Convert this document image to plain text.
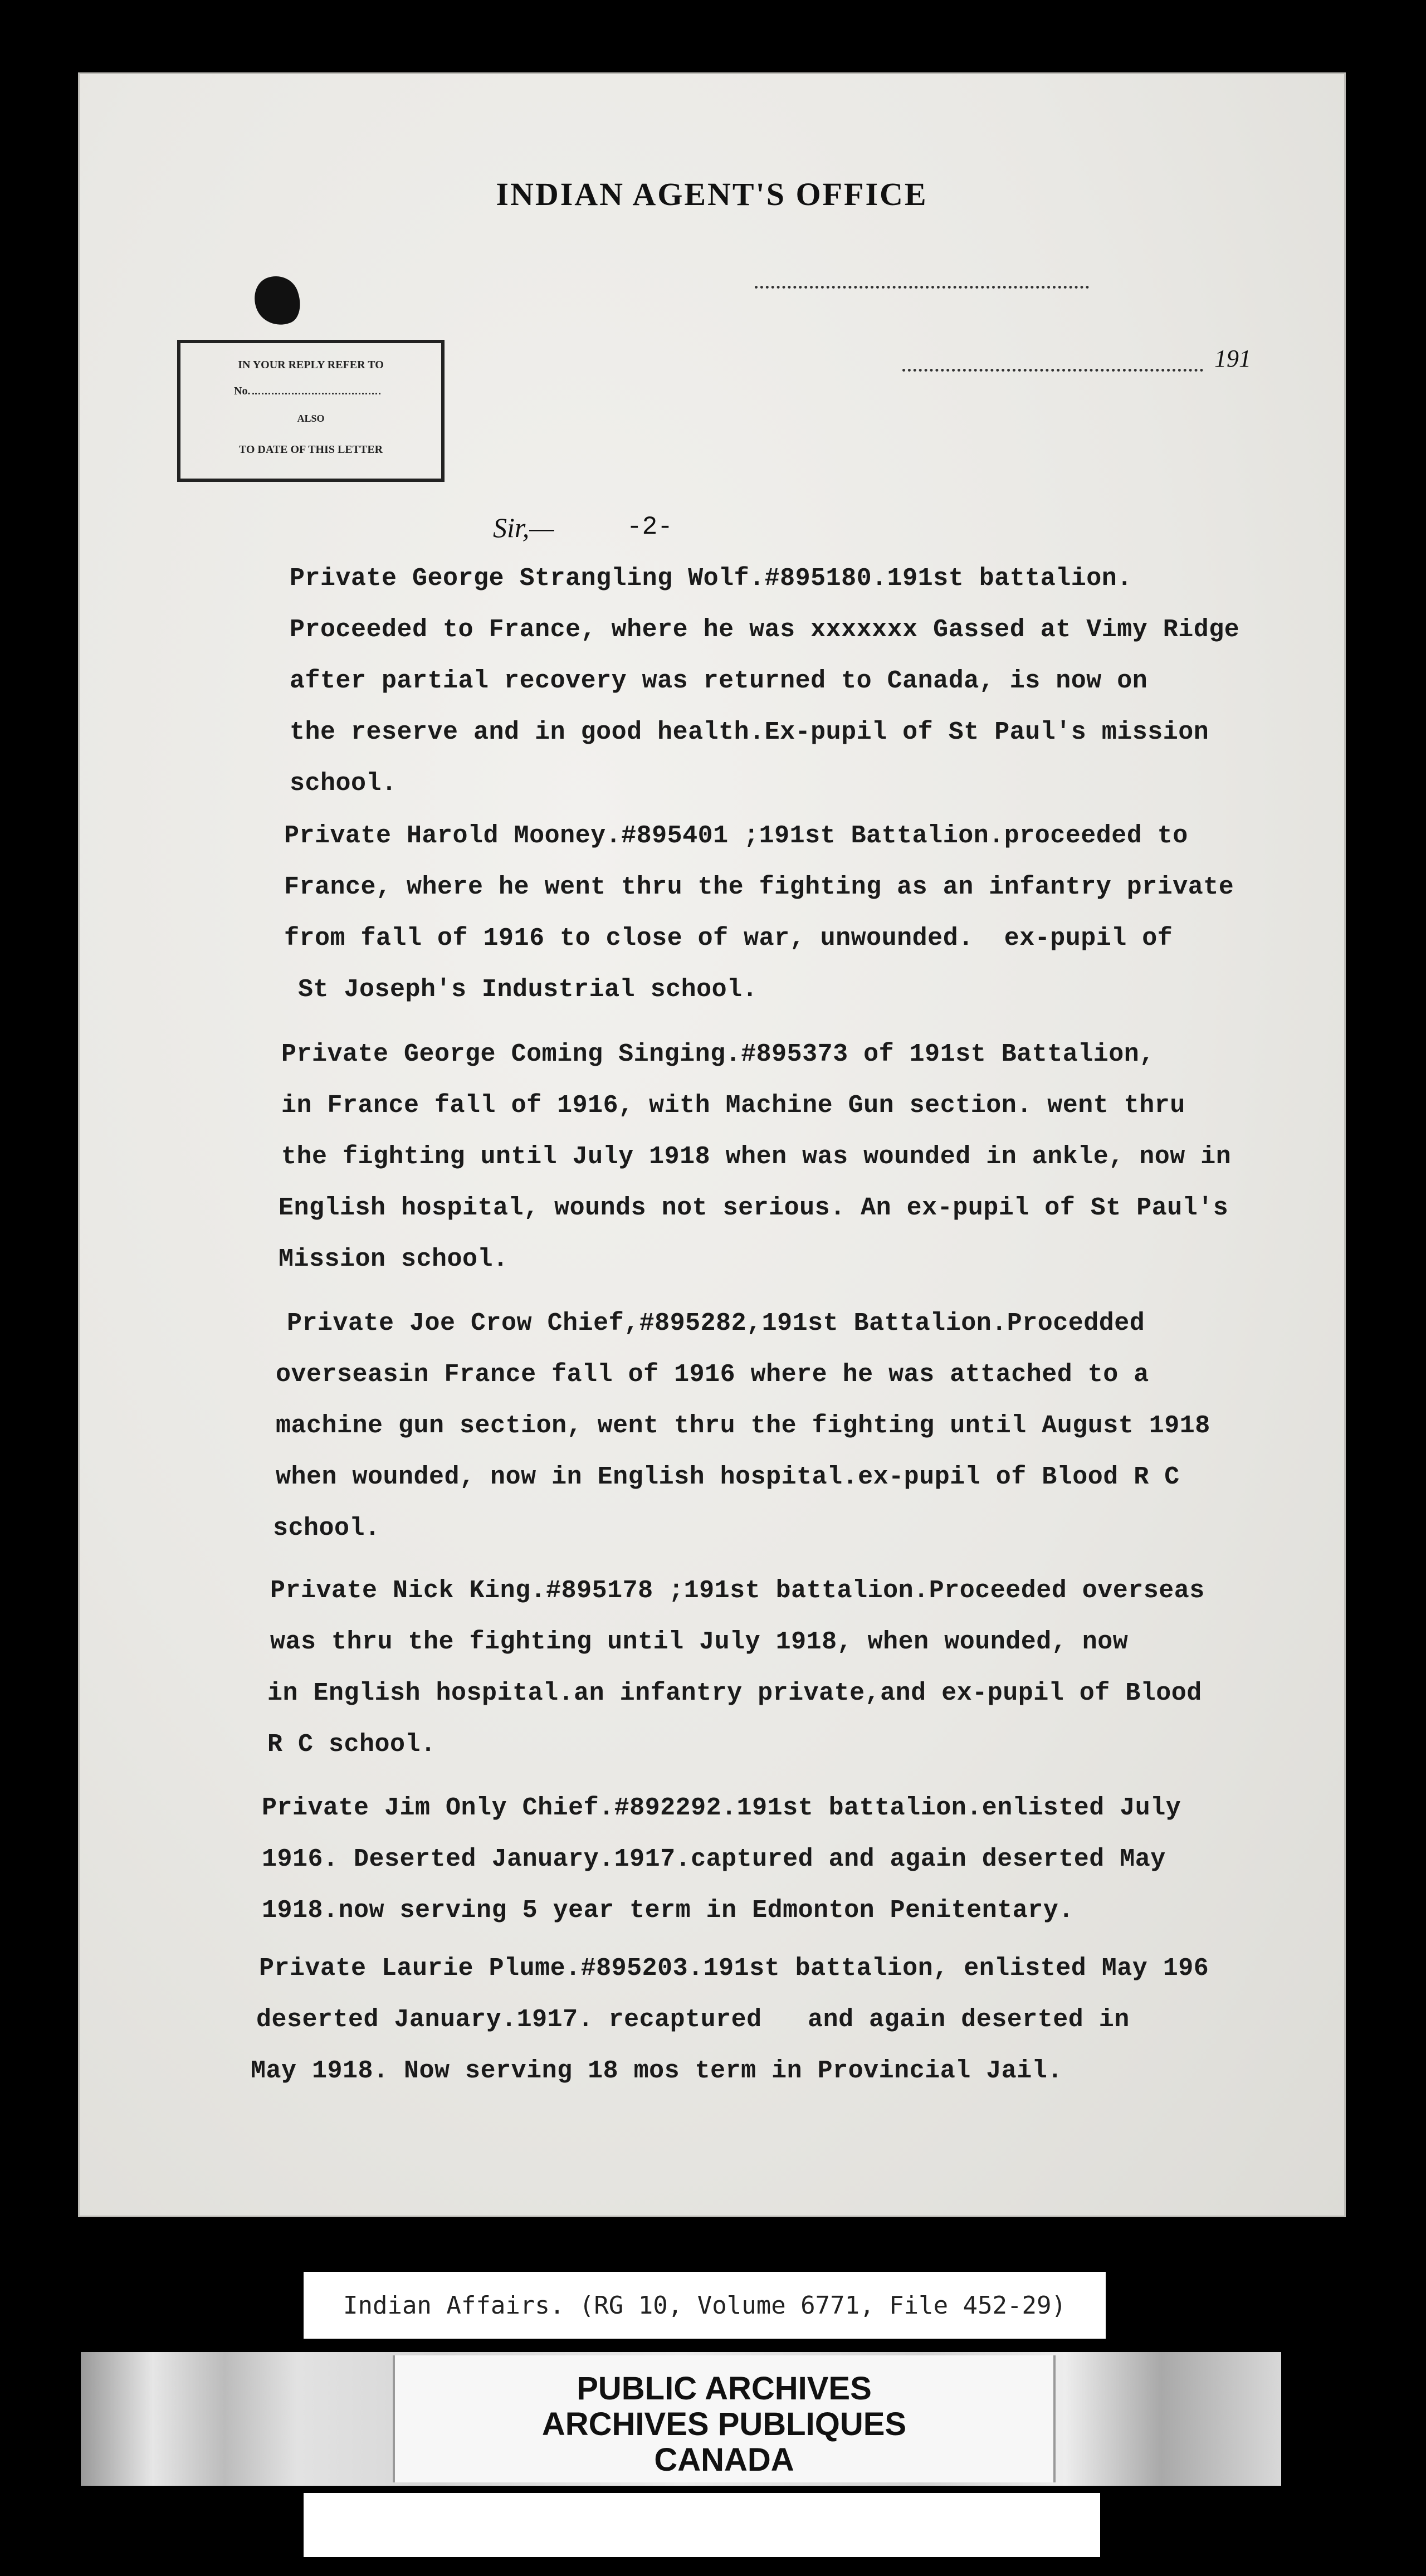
INDIAN AGENT'S OFFICE
IN YOUR REPLY REFER TO
No.
ALSO
TO DATE OF THIS LETTER
191
Sir,—	-2-
Private George Strangling Wolf.#895180.191st battalion.
Proceeded to France, where he was xxxxxxx Gassed at Vimy Ridge
after partial recovery was returned to Canada, is now on
the reserve and in good health.Ex-pupil of St Paul's mission
school.
Private Harold Mooney.#895401 ;191st Battalion.proceeded to
France, where he went thru the fighting as an infantry private
from fall of 1916 to close of war, unwounded.  ex-pupil of
St Joseph's Industrial school.
Private George Coming Singing.#895373 of 191st Battalion,
in France fall of 1916, with Machine Gun section. went thru
the fighting until July 1918 when was wounded in ankle, now in
English hospital, wounds not serious. An ex-pupil of St Paul's
Mission school.
Private Joe Crow Chief,#895282,191st Battalion.Procedded
overseasin France fall of 1916 where he was attached to a
machine gun section, went thru the fighting until August 1918
when wounded, now in English hospital.ex-pupil of Blood R C
school.
Private Nick King.#895178 ;191st battalion.Proceeded overseas
was thru the fighting until July 1918, when wounded, now
in English hospital.an infantry private,and ex-pupil of Blood
R C school.
Private Jim Only Chief.#892292.191st battalion.enlisted July
1916. Deserted January.1917.captured and again deserted May
1918.now serving 5 year term in Edmonton Penitentary.
Private Laurie Plume.#895203.191st battalion, enlisted May 196
deserted January.1917. recaptured   and again deserted in
May 1918. Now serving 18 mos term in Provincial Jail.
Indian Affairs. (RG 10, Volume 6771, File 452-29)
PUBLIC ARCHIVES
ARCHIVES PUBLIQUES
CANADA
